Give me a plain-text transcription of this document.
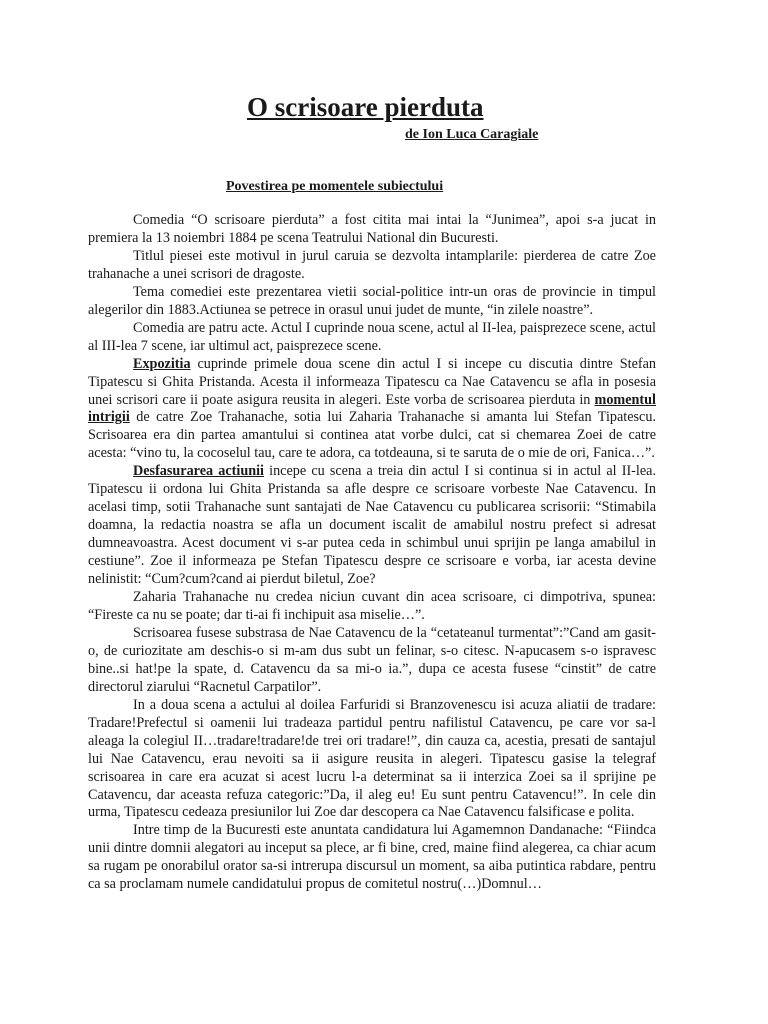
O scrisoare pierduta
de Ion Luca Caragiale
Povestirea pe momentele subiectului

Comedia “O scrisoare pierduta” a fost citita mai intai la “Junimea”, apoi s-a jucat in premiera la 13 noiembri 1884 pe scena Teatrului National din Bucuresti.

Titlul piesei este motivul in jurul caruia se dezvolta intamplarile: pierderea de catre Zoe trahanache a unei scrisori de dragoste.

Tema comediei este prezentarea vietii social-politice intr-un oras de provincie in timpul alegerilor din 1883.Actiunea se petrece in orasul unui judet de munte, “in zilele noastre”.

Comedia are patru acte. Actul I cuprinde noua scene, actul al II-lea, paisprezece scene, actul al III-lea 7 scene, iar ultimul act, paisprezece scene.

Expozitia cuprinde primele doua scene din actul I si incepe cu discutia dintre Stefan Tipatescu si Ghita Pristanda. Acesta il informeaza Tipatescu ca Nae Catavencu se afla in posesia unei scrisori care ii poate asigura reusita in alegeri. Este vorba de scrisoarea pierduta in momentul intrigii de catre Zoe Trahanache, sotia lui Zaharia Trahanache si amanta lui Stefan Tipatescu. Scrisoarea era din partea amantului si continea atat vorbe dulci, cat si chemarea Zoei de catre acesta: “vino tu, la cocoselul tau, care te adora, ca totdeauna, si te saruta de o mie de ori, Fanica…”.

Desfasurarea actiunii incepe cu scena a treia din actul I si continua si in actul al II-lea. Tipatescu ii ordona lui Ghita Pristanda sa afle despre ce scrisoare vorbeste Nae Catavencu. In acelasi timp, sotii Trahanache sunt santajati de Nae Catavencu cu publicarea scrisorii: “Stimabila doamna, la redactia noastra se afla un document iscalit de amabilul nostru prefect si adresat dumneavoastra. Acest document vi s-ar putea ceda in schimbul unui sprijin pe langa amabilul in cestiune”. Zoe il informeaza pe Stefan Tipatescu despre ce scrisoare e vorba, iar acesta devine nelinistit: “Cum?cum?cand ai pierdut biletul, Zoe?

Zaharia Trahanache nu credea niciun cuvant din acea scrisoare, ci dimpotriva, spunea: “Fireste ca nu se poate; dar ti-ai fi inchipuit asa miselie…”.

Scrisoarea fusese substrasa de Nae Catavencu de la “cetateanul turmentat”:”Cand am gasit-o, de curiozitate am deschis-o si m-am dus subt un felinar, s-o citesc. N-apucasem s-o ispravesc bine..si hat!pe la spate, d. Catavencu da sa mi-o ia.”, dupa ce acesta fusese “cinstit” de catre directorul ziarului “Racnetul Carpatilor”.

In a doua scena a actului al doilea Farfuridi si Branzovenescu isi acuza aliatii de tradare: Tradare!Prefectul si oamenii lui tradeaza partidul pentru nafilistul Catavencu, pe care vor sa-l aleaga la colegiul II…tradare!tradare!de trei ori tradare!”, din cauza ca, acestia, presati de santajul lui Nae Catavencu, erau nevoiti sa ii asigure reusita in alegeri. Tipatescu gasise la telegraf scrisoarea in care era acuzat si acest lucru l-a determinat sa ii interzica Zoei sa il sprijine pe Catavencu, dar aceasta refuza categoric:”Da, il aleg eu! Eu sunt pentru Catavencu!”. In cele din urma, Tipatescu cedeaza presiunilor lui Zoe dar descopera ca Nae Catavencu falsificase e polita.

Intre timp de la Bucuresti este anuntata candidatura lui Agamemnon Dandanache: “Fiindca unii dintre domnii alegatori au inceput sa plece, ar fi bine, cred, maine fiind alegerea, ca chiar acum sa rugam pe onorabilul orator sa-si intrerupa discursul un moment, sa aiba putintica rabdare, pentru ca sa proclamam numele candidatului propus de comitetul nostru(…)Domnul…
